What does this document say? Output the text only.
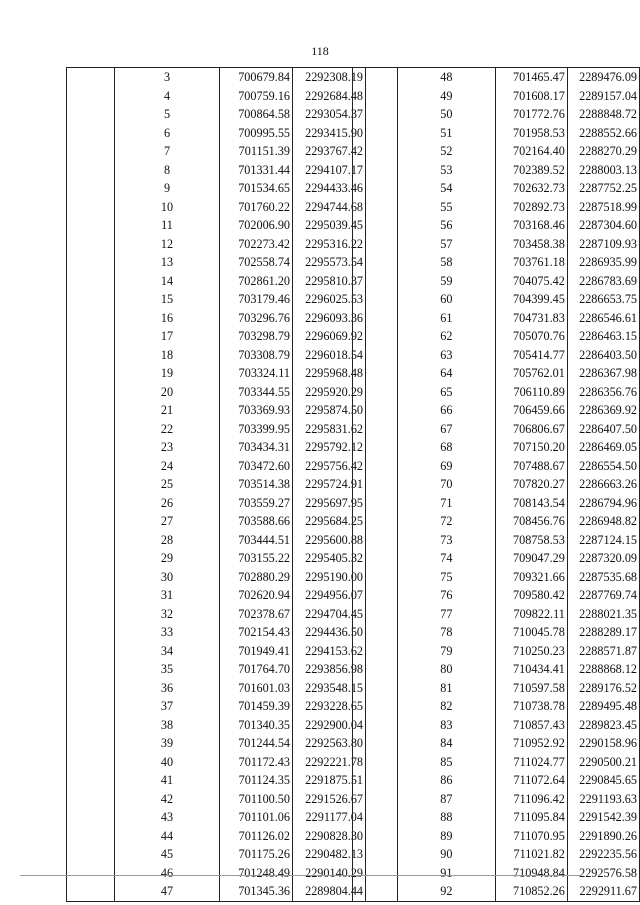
118
	3	700679.84	2292308.19
	4	700759.16	2292684.48
	5	700864.58	2293054.37
	6	700995.55	2293415.90
	7	701151.39	2293767.42
	8	701331.44	2294107.17
	9	701534.65	2294433.46
	10	701760.22	2294744.68
	11	702006.90	2295039.45
	12	702273.42	2295316.22
	13	702558.74	2295573.54
	14	702861.20	2295810.37
	15	703179.46	2296025.53
	16	703296.76	2296093.36
	17	703298.79	2296069.92
	18	703308.79	2296018.54
	19	703324.11	2295968.48
	20	703344.55	2295920.29
	21	703369.93	2295874.50
	22	703399.95	2295831.62
	23	703434.31	2295792.12
	24	703472.60	2295756.42
	25	703514.38	2295724.91
	26	703559.27	2295697.95
	27	703588.66	2295684.25
	28	703444.51	2295600.88
	29	703155.22	2295405.32
	30	702880.29	2295190.00
	31	702620.94	2294956.07
	32	702378.67	2294704.45
	33	702154.43	2294436.50
	34	701949.41	2294153.62
	35	701764.70	2293856.98
	36	701601.03	2293548.15
	37	701459.39	2293228.65
	38	701340.35	2292900.04
	39	701244.54	2292563.80
	40	701172.43	2292221.78
	41	701124.35	2291875.51
	42	701100.50	2291526.67
	43	701101.06	2291177.04
	44	701126.02	2290828.30
	45	701175.26	2290482.13
	46	701248.49	2290140.29
	47	701345.36	2289804.44
	48	701465.47	2289476.09
	49	701608.17	2289157.04
	50	701772.76	2288848.72
	51	701958.53	2288552.66
	52	702164.40	2288270.29
	53	702389.52	2288003.13
	54	702632.73	2287752.25
	55	702892.73	2287518.99
	56	703168.46	2287304.60
	57	703458.38	2287109.93
	58	703761.18	2286935.99
	59	704075.42	2286783.69
	60	704399.45	2286653.75
	61	704731.83	2286546.61
	62	705070.76	2286463.15
	63	705414.77	2286403.50
	64	705762.01	2286367.98
	65	706110.89	2286356.76
	66	706459.66	2286369.92
	67	706806.67	2286407.50
	68	707150.20	2286469.05
	69	707488.67	2286554.50
	70	707820.27	2286663.26
	71	708143.54	2286794.96
	72	708456.76	2286948.82
	73	708758.53	2287124.15
	74	709047.29	2287320.09
	75	709321.66	2287535.68
	76	709580.42	2287769.74
	77	709822.11	2288021.35
	78	710045.78	2288289.17
	79	710250.23	2288571.87
	80	710434.41	2288868.12
	81	710597.58	2289176.52
	82	710738.78	2289495.48
	83	710857.43	2289823.45
	84	710952.92	2290158.96
	85	711024.77	2290500.21
	86	711072.64	2290845.65
	87	711096.42	2291193.63
	88	711095.84	2291542.39
	89	711070.95	2291890.26
	90	711021.82	2292235.56
	91	710948.84	2292576.58
	92	710852.26	2292911.67
